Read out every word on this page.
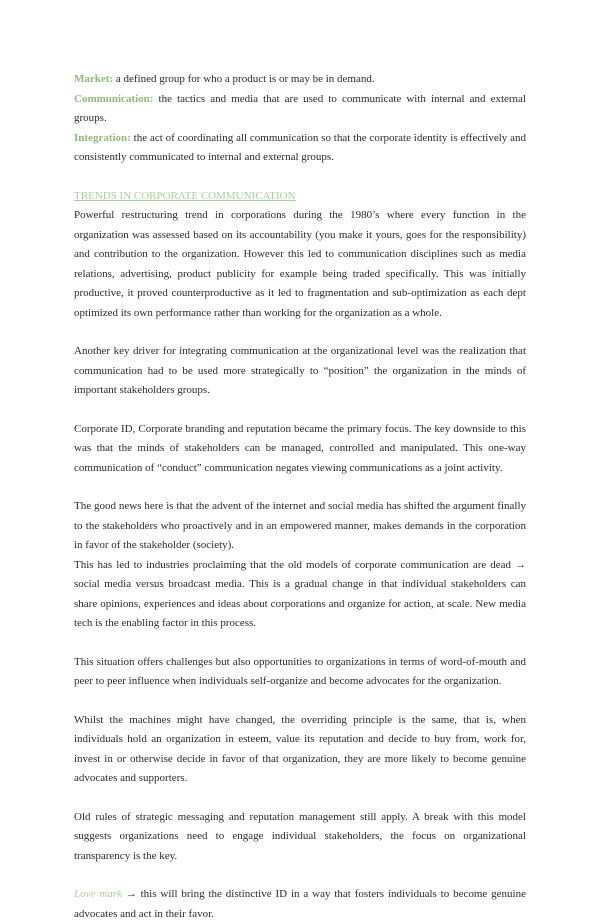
Market: a defined group for who a product is or may be in demand.

Communication: the tactics and media that are used to communicate with internal and external groups.

Integration: the act of coordinating all communication so that the corporate identity is effectively and consistently communicated to internal and external groups.

TRENDS IN CORPORATE COMMUNICATION

Powerful restructuring trend in corporations during the 1980’s where every function in the organization was assessed based on its accountability (you make it yours, goes for the responsibility) and contribution to the organization. However this led to communication disciplines such as media relations, advertising, product publicity for example being traded specifically. This was initially productive, it proved counterproductive as it led to fragmentation and sub-optimization as each dept optimized its own performance rather than working for the organization as a whole.

Another key driver for integrating communication at the organizational level was the realization that communication had to be used more strategically to “position” the organization in the minds of important stakeholders groups.

Corporate ID, Corporate branding and reputation became the primary focus. The key downside to this was that the minds of stakeholders can be managed, controlled and manipulated. This one-way communication of “conduct” communication negates viewing communications as a joint activity.

The good news here is that the advent of the internet and social media has shifted the argument finally to the stakeholders who proactively and in an empowered manner, makes demands in the corporation in favor of the stakeholder (society).

This has led to industries proclaiming that the old models of corporate communication are dead → social media versus broadcast media. This is a gradual change in that individual stakeholders can share opinions, experiences and ideas about corporations and organize for action, at scale. New media tech is the enabling factor in this process.

This situation offers challenges but also opportunities to organizations in terms of word-of-mouth and peer to peer influence when individuals self-organize and become advocates for the organization.

Whilst the machines might have changed, the overriding principle is the same, that is, when individuals hold an organization in esteem, value its reputation and decide to buy from, work for, invest in or otherwise decide in favor of that organization, they are more likely to become genuine advocates and supporters.

Old rules of strategic messaging and reputation management still apply. A break with this model suggests organizations need to engage individual stakeholders, the focus on organizational transparency is the key.

Love mark → this will bring the distinctive ID in a way that fosters individuals to become genuine advocates and act in their favor.
